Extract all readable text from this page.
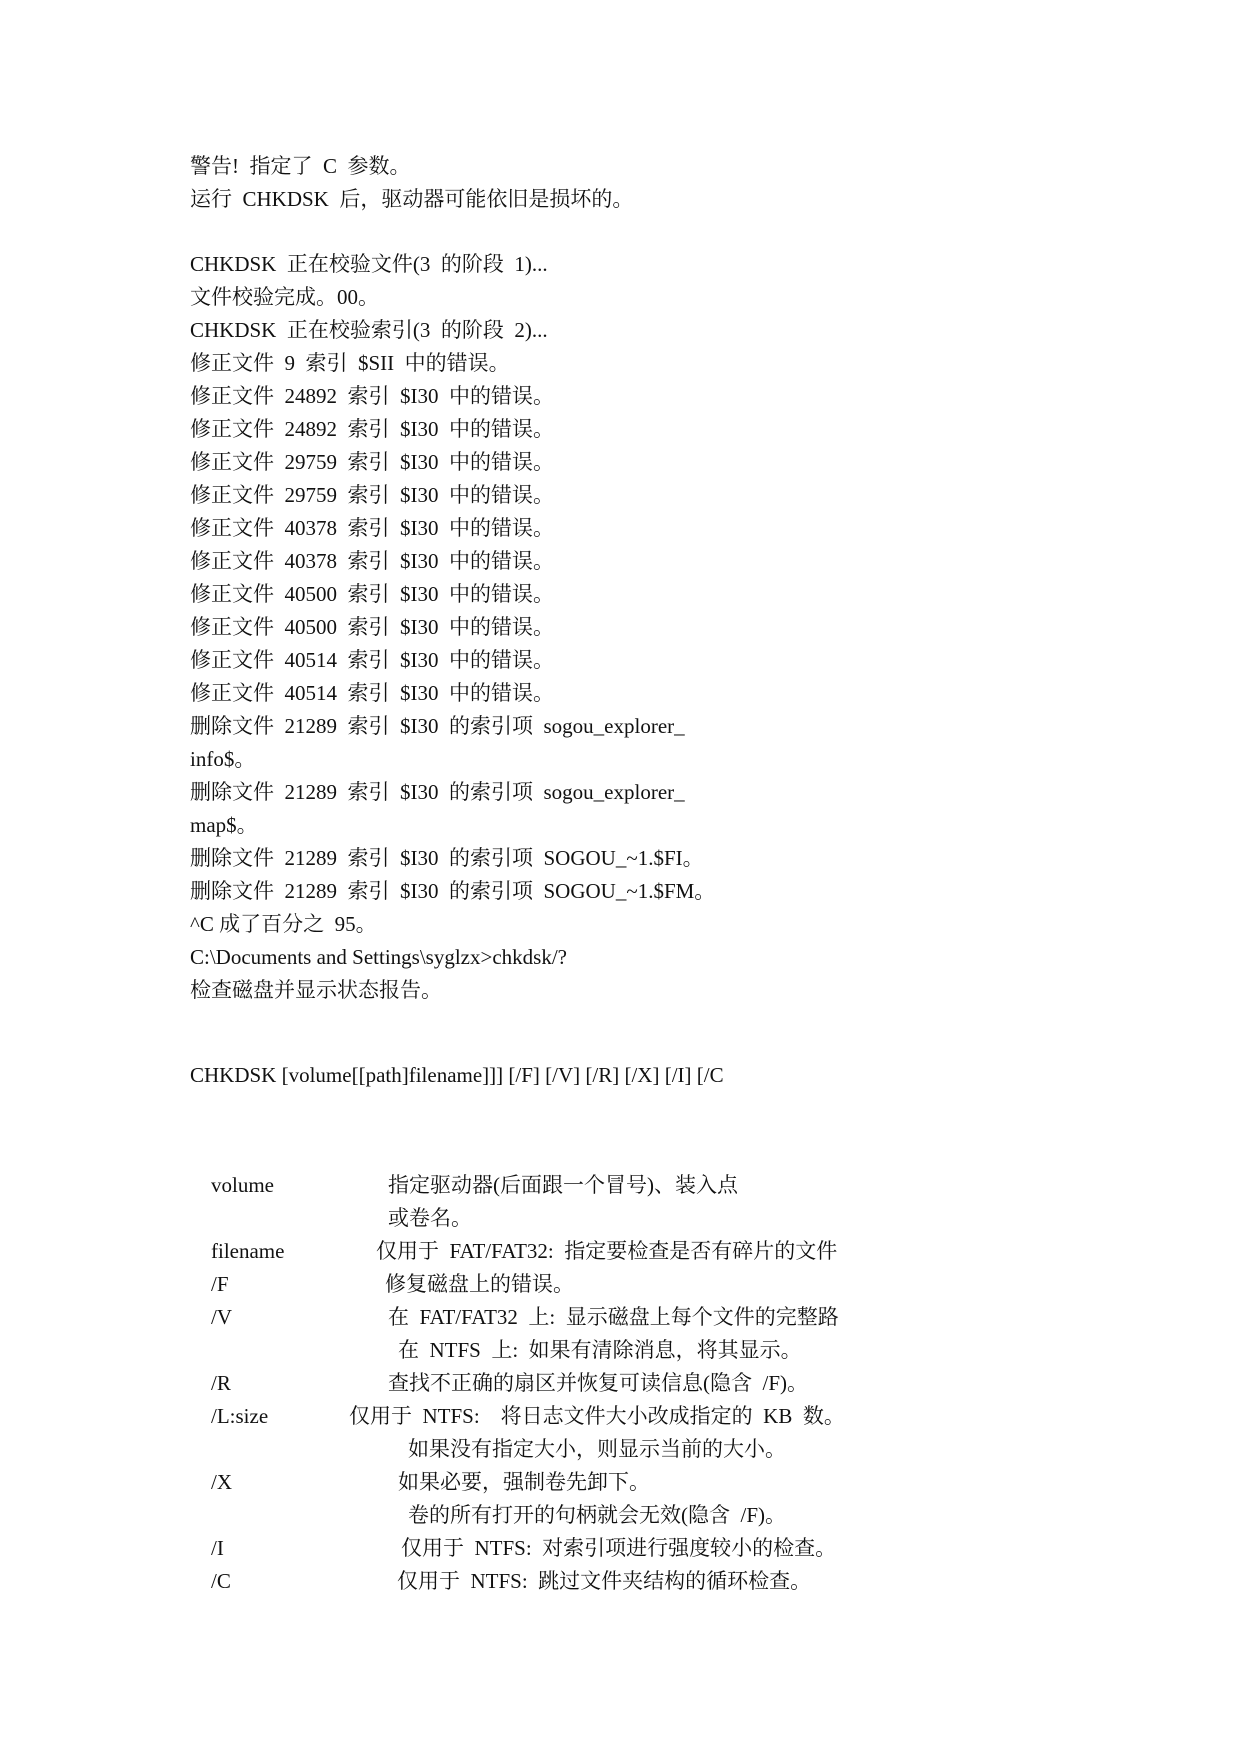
警告!  指定了  C  参数。
运行  CHKDSK  后，驱动器可能依旧是损坏的。
CHKDSK  正在校验文件(3  的阶段  1)...
文件校验完成。00。
CHKDSK  正在校验索引(3  的阶段  2)...
修正文件  9  索引  $SII  中的错误。
修正文件  24892  索引  $I30  中的错误。
修正文件  24892  索引  $I30  中的错误。
修正文件  29759  索引  $I30  中的错误。
修正文件  29759  索引  $I30  中的错误。
修正文件  40378  索引  $I30  中的错误。
修正文件  40378  索引  $I30  中的错误。
修正文件  40500  索引  $I30  中的错误。
修正文件  40500  索引  $I30  中的错误。
修正文件  40514  索引  $I30  中的错误。
修正文件  40514  索引  $I30  中的错误。
删除文件  21289  索引  $I30  的索引项  sogou_explorer_
info$。
删除文件  21289  索引  $I30  的索引项  sogou_explorer_
map$。
删除文件  21289  索引  $I30  的索引项  SOGOU_~1.$FI。
删除文件  21289  索引  $I30  的索引项  SOGOU_~1.$FM。
^C 成了百分之  95。
C:\Documents and Settings\syglzx>chkdsk/?
检查磁盘并显示状态报告。
CHKDSK [volume[[path]filename]]] [/F] [/V] [/R] [/X] [/I] [/C
volume	指定驱动器(后面跟一个冒号)、装入点
或卷名。
filename	仅用于  FAT/FAT32:  指定要检查是否有碎片的文件
/F	修复磁盘上的错误。
/V	在  FAT/FAT32  上:  显示磁盘上每个文件的完整路
在  NTFS  上:  如果有清除消息，将其显示。
/R	查找不正确的扇区并恢复可读信息(隐含  /F)。
/L:size	仅用于  NTFS:    将日志文件大小改成指定的  KB  数。
如果没有指定大小，则显示当前的大小。
/X	如果必要，强制卷先卸下。
卷的所有打开的句柄就会无效(隐含  /F)。
/I	仅用于  NTFS:  对索引项进行强度较小的检查。
/C	仅用于  NTFS:  跳过文件夹结构的循环检查。
